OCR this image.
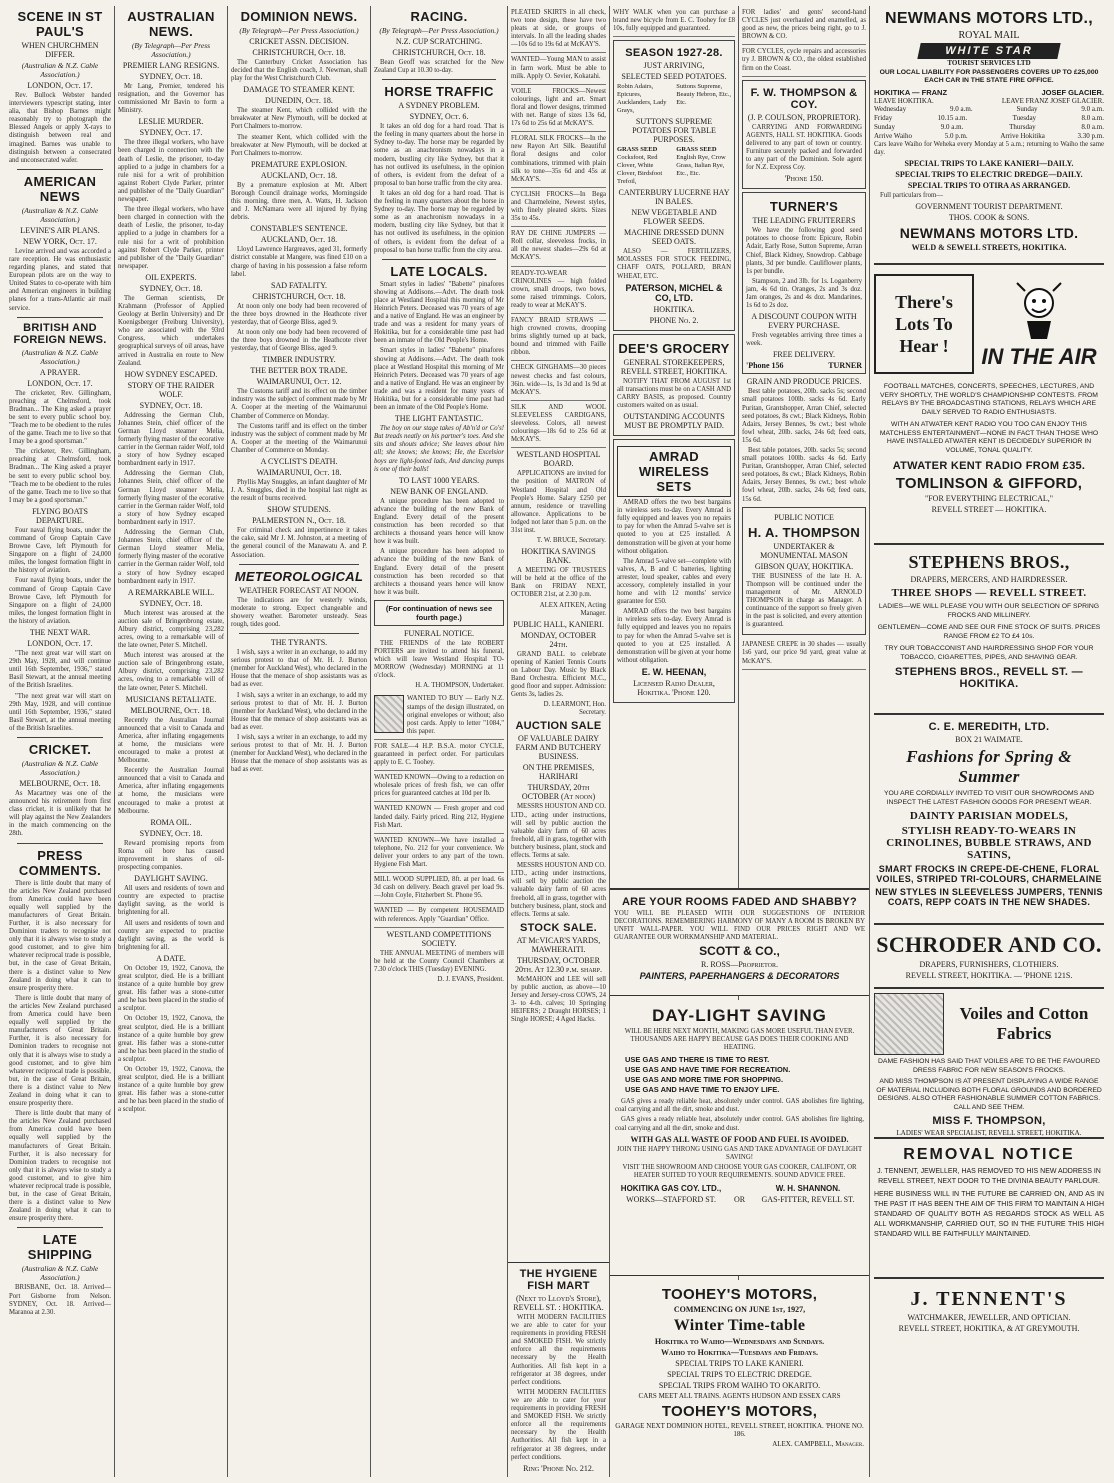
SCENE IN ST PAUL'S
WHEN CHURCHMEN DIFFER.
(Australian & N.Z. Cable Association.)
LONDON, Oct. 17.
Rev. Bullock Webster handed interviewers typescript stating, inter alia, that Bishop Barnes might reasonably try to photograph the Blessed Angels or apply X-rays to distinguish between real and imagined. Barnes was unable to distinguish between a consecrated and unconsecrated wafer.
AMERICAN NEWS
(Australian & N.Z. Cable Association.)
LEVINE'S AIR PLANS.
NEW YORK, Oct. 17.
Levine arrived and was accorded a rare reception. He was enthusiastic regarding planes, and stated that European pilots are on the way to United States to co-operate with him and American engineers in building planes for a trans-Atlantic air mail service.
BRITISH AND FOREIGN NEWS.
(Australian & N.Z. Cable Association.)
A PRAYER.
LONDON, Oct. 17.
The cricketer, Rev. Gillingham, preaching at Chelmsford, took Bradman... The King asked a prayer be sent to every public school boy. "Teach me to be obedient to the rules of the game. Teach me to live so that I may be a good sportsman."
The cricketer, Rev. Gillingham, preaching at Chelmsford, took Bradman... The King asked a prayer be sent to every public school boy. "Teach me to be obedient to the rules of the game. Teach me to live so that I may be a good sportsman."
FLYING BOATS DEPARTURE.
Four naval flying boats, under the command of Group Captain Cave Browne Cave, left Plymouth for Singapore on a flight of 24,000 miles, the longest formation flight in the history of aviation.
Four naval flying boats, under the command of Group Captain Cave Browne Cave, left Plymouth for Singapore on a flight of 24,000 miles, the longest formation flight in the history of aviation.
THE NEXT WAR.
LONDON, Oct. 17.
"The next great war will start on 29th May, 1928, and will continue until 16th September, 1936," stated Basil Stewart, at the annual meeting of the British Israelites.
"The next great war will start on 29th May, 1928, and will continue until 16th September, 1936," stated Basil Stewart, at the annual meeting of the British Israelites.
CRICKET.
(Australian & N.Z. Cable Association.)
MELBOURNE, Oct. 18.
As Macartney was one of the announced his retirement from first class cricket, it is unlikely that he will play against the New Zealanders in the match commencing on the 28th.
PRESS COMMENTS.
There is little doubt that many of the articles New Zealand purchased from America could have been equally well supplied by the manufacturers of Great Britain. Further, it is also necessary for Dominion traders to recognise not only that it is always wise to study a good customer, and to give him whatever reciprocal trade is possible, but, in the case of Great Britain, there is a distinct value to New Zealand in doing what it can to ensure prosperity there.
There is little doubt that many of the articles New Zealand purchased from America could have been equally well supplied by the manufacturers of Great Britain. Further, it is also necessary for Dominion traders to recognise not only that it is always wise to study a good customer, and to give him whatever reciprocal trade is possible, but, in the case of Great Britain, there is a distinct value to New Zealand in doing what it can to ensure prosperity there.
There is little doubt that many of the articles New Zealand purchased from America could have been equally well supplied by the manufacturers of Great Britain. Further, it is also necessary for Dominion traders to recognise not only that it is always wise to study a good customer, and to give him whatever reciprocal trade is possible, but, in the case of Great Britain, there is a distinct value to New Zealand in doing what it can to ensure prosperity there.
LATE SHIPPING
(Australian & N.Z. Cable Association.)
BRISBANE, Oct. 18. Arrived—Port Gisborne from Nelson. SYDNEY, Oct. 18. Arrived—Maranoa at 2.30.
AUSTRALIAN NEWS.
(By Telegraph—Per Press Association.)
PREMIER LANG RESIGNS.
SYDNEY, Oct. 18.
Mr Lang, Premier, tendered his resignation, and the Governor has commissioned Mr Bavin to form a Ministry.
LESLIE MURDER.
SYDNEY, Oct. 17.
The three illegal workers, who have been charged in connection with the death of Leslie, the prisoner, to-day applied to a judge in chambers for a rule nisi for a writ of prohibition against Robert Clyde Parker, printer and publisher of the "Daily Guardian" newspaper.
The three illegal workers, who have been charged in connection with the death of Leslie, the prisoner, to-day applied to a judge in chambers for a rule nisi for a writ of prohibition against Robert Clyde Parker, printer and publisher of the "Daily Guardian" newspaper.
OIL EXPERTS.
SYDNEY, Oct. 18.
The German scientists, Dr Krahmann (Professor of Applied Geology at Berlin University) and Dr Koenigsberger (Freiburg University), who are associated with the 93rd Congress, which undertakes geographical surveys of oil areas, have arrived in Australia en route to New Zealand.
HOW SYDNEY ESCAPED.
STORY OF THE RAIDER WOLF.
SYDNEY, Oct. 18.
Addressing the German Club, Johannes Stein, chief officer of the German Lloyd steamer Melia, formerly flying master of the ecorative carrier in the German raider Wolf, told a story of how Sydney escaped bombardment early in 1917.
Addressing the German Club, Johannes Stein, chief officer of the German Lloyd steamer Melia, formerly flying master of the ecorative carrier in the German raider Wolf, told a story of how Sydney escaped bombardment early in 1917.
Addressing the German Club, Johannes Stein, chief officer of the German Lloyd steamer Melia, formerly flying master of the ecorative carrier in the German raider Wolf, told a story of how Sydney escaped bombardment early in 1917.
A REMARKABLE WILL.
SYDNEY, Oct. 18.
Much interest was aroused at the auction sale of Bringenbrong estate, Albury district, comprising 23,282 acres, owing to a remarkable will of the late owner, Peter S. Mitchell.
Much interest was aroused at the auction sale of Bringenbrong estate, Albury district, comprising 23,282 acres, owing to a remarkable will of the late owner, Peter S. Mitchell.
MUSICIANS RETALIATE.
MELBOURNE, Oct. 18.
Recently the Australian Journal announced that a visit to Canada and America, after inflating engagements at home, the musicians were encouraged to make a protest at Melbourne.
Recently the Australian Journal announced that a visit to Canada and America, after inflating engagements at home, the musicians were encouraged to make a protest at Melbourne.
ROMA OIL.
SYDNEY, Oct. 18.
Reward promising reports from Roma oil bore has caused improvement in shares of oil-prospecting companies.
DAYLIGHT SAVING.
All users and residents of town and country are expected to practise daylight saving, as the world is brightening for all.
All users and residents of town and country are expected to practise daylight saving, as the world is brightening for all.
A DATE.
On October 19, 1922, Canova, the great sculptor, died. He is a brilliant instance of a quite humble boy grew great. His father was a stone-cutter and he has been placed in the studio of a sculptor.
On October 19, 1922, Canova, the great sculptor, died. He is a brilliant instance of a quite humble boy grew great. His father was a stone-cutter and he has been placed in the studio of a sculptor.
On October 19, 1922, Canova, the great sculptor, died. He is a brilliant instance of a quite humble boy grew great. His father was a stone-cutter and he has been placed in the studio of a sculptor.
DOMINION NEWS.
(By Telegraph—Per Press Association.)
CRICKET ASSN. DECISION.
CHRISTCHURCH, Oct. 18.
The Canterbury Cricket Association has decided that the English coach, J. Newman, shall play for the West Christchurch Club.
DAMAGE TO STEAMER KENT.
DUNEDIN, Oct. 18.
The steamer Kent, which collided with the breakwater at New Plymouth, will be docked at Port Chalmers to-morrow.
The steamer Kent, which collided with the breakwater at New Plymouth, will be docked at Port Chalmers to-morrow.
PREMATURE EXPLOSION.
AUCKLAND, Oct. 18.
By a premature explosion at Mt. Albert Borough Council drainage works, Morningside this morning, three men, A. Watts, H. Jackson and J. McNamara were all injured by flying debris.
CONSTABLE'S SENTENCE.
AUCKLAND, Oct. 18.
Lloyd Lawrence Hargreaves, aged 31, formerly district constable at Mangere, was fined £10 on a charge of having in his possession a false reform label.
SAD FATALITY.
CHRISTCHURCH, Oct. 18.
At noon only one body had been recovered of the three boys drowned in the Heathcote river yesterday, that of George Bliss, aged 9.
At noon only one body had been recovered of the three boys drowned in the Heathcote river yesterday, that of George Bliss, aged 9.
TIMBER INDUSTRY.
THE BETTER BOX TRADE.
WAIMARUNUI, Oct. 12.
The Customs tariff and its effect on the timber industry was the subject of comment made by Mr A. Cooper at the meeting of the Waimarunui Chamber of Commerce on Monday.
The Customs tariff and its effect on the timber industry was the subject of comment made by Mr A. Cooper at the meeting of the Waimarunui Chamber of Commerce on Monday.
A CYCLIST'S DEATH.
WAIMARUNUI, Oct. 18.
Phyllis May Snuggles, an infant daughter of Mr J. A. Snuggles, died in the hospital last night as the result of burns received.
SHOW STUDENS.
PALMERSTON N., Oct. 18.
For criminal check and impertinence it takes the cake, said Mr J. M. Johnston, at a meeting of the general council of the Manawatu A. and P. Association.
METEOROLOGICAL
WEATHER FORECAST AT NOON.
The indications are for westerly winds, moderate to strong. Expect changeable and showery weather. Barometer unsteady. Seas rough, tides good.
THE TYRANTS.
I wish, says a writer in an exchange, to add my serious protest to that of Mr. H. J. Burton (member for Auckland West), who declared in the House that the menace of shop assistants was as bad as ever.
I wish, says a writer in an exchange, to add my serious protest to that of Mr. H. J. Burton (member for Auckland West), who declared in the House that the menace of shop assistants was as bad as ever.
I wish, says a writer in an exchange, to add my serious protest to that of Mr. H. J. Burton (member for Auckland West), who declared in the House that the menace of shop assistants was as bad as ever.
RACING.
(By Telegraph—Per Press Association.)
N.Z. CUP SCRATCHING.
CHRISTCHURCH, Oct. 18.
Bean Geoff was scratched for the New Zealand Cup at 10.30 to-day.
HORSE TRAFFIC
A SYDNEY PROBLEM.
SYDNEY, Oct. 6.
It takes an old dog for a hard road. That is the feeling in many quarters about the horse in Sydney to-day. The horse may be regarded by some as an anachronism nowadays in a modern, bustling city like Sydney, but that it has not outlived its usefulness, in the opinion of others, is evident from the defeat of a proposal to ban horse traffic from the city area.
It takes an old dog for a hard road. That is the feeling in many quarters about the horse in Sydney to-day. The horse may be regarded by some as an anachronism nowadays in a modern, bustling city like Sydney, but that it has not outlived its usefulness, in the opinion of others, is evident from the defeat of a proposal to ban horse traffic from the city area.
LATE LOCALS.
Smart styles in ladies' "Babette" pinafores showing at Addisons.—Advt. The death took place at Westland Hospital this morning of Mr Heinrich Peters. Deceased was 70 years of age and a native of England. He was an engineer by trade and was a resident for many years of Hokitika, but for a considerable time past had been an inmate of the Old People's Home.
Smart styles in ladies' "Babette" pinafores showing at Addisons.—Advt. The death took place at Westland Hospital this morning of Mr Heinrich Peters. Deceased was 70 years of age and a native of England. He was an engineer by trade and was a resident for many years of Hokitika, but for a considerable time past had been an inmate of the Old People's Home.
THE LIGHT FANTASTIC.
The boy on our stage takes of Ab'n'd or Co's! But treads neatly on his partner's toes. And she sits and shouts advice; She leaves about him all; she knows; she knows; He, the Excelsior boys are light-footed lads, And dancing pumps is one of their balls!
TO LAST 1000 YEARS.
NEW BANK OF ENGLAND.
A unique procedure has been adopted to advance the building of the new Bank of England. Every detail of the present construction has been recorded so that architects a thousand years hence will know how it was built.
A unique procedure has been adopted to advance the building of the new Bank of England. Every detail of the present construction has been recorded so that architects a thousand years hence will know how it was built.
(For continuation of news see fourth page.)
FUNERAL NOTICE.
THE FRIENDS of the late ROBERT PORTERS are invited to attend his funeral, which will leave Westland Hospital TO-MORROW (Wednesday) MORNING at 11 o'clock.
H. A. THOMPSON, Undertaker.
WANTED TO BUY — Early N.Z. stamps of the design illustrated, on original envelopes or without; also post cards. Apply to letter "1084," this paper.
FOR SALE—4 H.P. B.S.A. motor CYCLE, guaranteed in perfect order. For particulars apply to E. C. Toohey.
WANTED KNOWN—Owing to a reduction on wholesale prices of fresh fish, we can offer prices for guaranteed catches at 10d per lb.
WANTED KNOWN — Fresh groper and cod landed daily. Fairly priced. Ring 212, Hygiene Fish Mart.
WANTED KNOWN—We have installed a telephone, No. 212 for your convenience. We deliver your orders to any part of the town. Hygiene Fish Mart.
MILL WOOD SUPPLIED, 8ft. at per load. 6s 3d cash on delivery. Beach gravel per load 9s.—John Coyle, Fitzherbert St. Phone 95.
WANTED — By competent HOUSEMAID with references. Apply "Guardian" Office.
WESTLAND COMPETITIONS SOCIETY.
THE ANNUAL MEETING of members will be held at the County Council Chambers at 7.30 o'clock THIS (Tuesday) EVENING.
D. J. EVANS, President.
PLEATED SKIRTS in all check, two tone design, these have two pleats at side, or groups of intervals. In all the leading shades—10s 6d to 19s 6d at McKAY'S.
WANTED—Young MAN to assist in farm work. Must be able to milk. Apply O. Sevier, Kokatahi.
VOILE FROCKS—Newest colourings, light and art. Smart floral and flower designs, trimmed with net. Range of sizes 13s 6d, 17s 6d to 25s 6d at McKAY'S.
FLORAL SILK FROCKS—In the new Rayon Art Silk. Beautiful floral designs and color combinations, trimmed with plain silk to tone—35s 6d and 45s at McKAY'S.
CYCLISH FROCKS—In Bega and Charmeleine, Newest styles, with finely pleated skirts. Sizes 35s to 45s.
RAY DE CHINE JUMPERS — Roll collar, sleeveless frocks, in all the newest shades—29s 6d at McKAY'S.
READY-TO-WEAR CRINOLINES — high folded crown, small droops, two bows, some raised trimmings. Colors, ready to wear at McKAY'S.
FANCY BRAID STRAWS — high crowned crowns, drooping brims slightly turned up at back, bound and trimmed with Faille ribbon.
CHECK GINGHAMS—30 pieces newest checks and fast colours, 36in. wide—1s, 1s 3d and 1s 9d at McKAY'S.
SILK AND WOOL SLEEVELESS CARDIGANS, sleeveless. Colors, all newest colourings—18s 6d to 25s 6d at McKAY'S.
WESTLAND HOSPITAL BOARD.
APPLICATIONS are invited for the position of MATRON of Westland Hospital and Old People's Home. Salary £250 per annum, residence or travelling allowance. Applications to be lodged not later than 5 p.m. on the 31st inst.
T. W. BRUCE, Secretary.
HOKITIKA SAVINGS BANK.
A MEETING OF TRUSTEES will be held at the office of the Bank on FRIDAY NEXT, OCTOBER 21st, at 2.30 p.m.
ALEX AITKEN, Acting Manager.
PUBLIC HALL, KANIERI.
MONDAY, OCTOBER 24th.
GRAND BALL to celebrate opening of Kanieri Tennis Courts on Labour Day. Music by Black Band Orchestra. Efficient M.C., good floor and supper. Admission: Gents 3s, ladies 2s.
D. LEARMONT, Hon. Secretary.
AUCTION SALE
OF VALUABLE DAIRY FARM AND BUTCHERY BUSINESS.
ON THE PREMISES, HARIHARI
THURSDAY, 20th OCTOBER (At noon)
MESSRS HOUSTON AND CO. LTD., acting under instructions, will sell by public auction the valuable dairy farm of 60 acres freehold, all in grass, together with butchery business, plant, stock and effects. Terms at sale.
MESSRS HOUSTON AND CO. LTD., acting under instructions, will sell by public auction the valuable dairy farm of 60 acres freehold, all in grass, together with butchery business, plant, stock and effects. Terms at sale.
STOCK SALE.
AT McVICAR'S YARDS, MAWHERAITI.
THURSDAY, OCTOBER 20th. At 12.30 p.m. sharp.
McMAHON and LEE will sell by public auction, as above—10 Jersey and Jersey-cross COWS, 24 3- to 4-th. calves; 10 Springing HEIFERS; 2 Draught HORSES; 1 Single HORSE; 4 Aged Hacks.
WHY WALK when you can purchase a brand new bicycle from E. C. Toohey for £8 10s, fully equipped and guaranteed.
SEASON 1927-28.
JUST ARRIVING,
SELECTED SEED POTATOES.
Robin Adairs, Epicures, Aucklanders, Lady Grays,
Suttons Supreme, Beauty Hebron, Etc., Etc.
SUTTON'S SUPREME POTATOES FOR TABLE PURPOSES.
GRASS SEED
Cocksfoot, Red Clover, White Clover, Birdsfoot Trefoil,
GRASS SEED
English Rye, Crow Grass, Italian Rye, Etc., Etc.
CANTERBURY LUCERNE HAY IN BALES.
NEW VEGETABLE AND FLOWER SEEDS.
MACHINE DRESSED DUNN SEED OATS.
ALSO — FERTILIZERS, MOLASSES FOR STOCK FEEDING, CHAFF OATS, POLLARD, BRAN WHEAT, ETC.
PATERSON, MICHEL & CO, LTD.
HOKITIKA.
PHONE No. 2.
DEE'S GROCERY
GENERAL STOREKEEPERS, REVELL STREET, HOKITIKA.
NOTIFY THAT FROM AUGUST 1st all transactions must be on a CASH AND CARRY BASIS, as proposed. Country customers waited on as usual.
OUTSTANDING ACCOUNTS MUST BE PROMPTLY PAID.
AMRAD WIRELESS SETS
AMRAD offers the two best bargains in wireless sets to-day. Every Amrad is fully equipped and leaves you no repairs to pay for when the Amrad 5-valve set is quoted to you at £25 installed. A demonstration will be given at your home without obligation.
The Amrad 5-valve set—complete with valves, A, B and C batteries, lighting arrester, loud speaker, cables and every accessory, completely installed in your home and with 12 months' service guarantee for £50.
AMRAD offers the two best bargains in wireless sets to-day. Every Amrad is fully equipped and leaves you no repairs to pay for when the Amrad 5-valve set is quoted to you at £25 installed. A demonstration will be given at your home without obligation.
E. W. HEENAN,
Licensed Radio Dealer, Hokitika. 'Phone 120.
FOR ladies' and gents' second-hand CYCLES just overhauled and enamelled, as good as new, the prices being right, go to J. BROWN & CO.
FOR CYCLES, cycle repairs and accessories try J. BROWN & CO., the oldest established firm on the Coast.
F. W. THOMPSON & COY.
(J. P. COULSON, PROPRIETOR).
CARRYING AND FORWARDING AGENTS, HALL ST. HOKITIKA. Goods delivered to any part of town or country. Furniture securely packed and forwarded to any part of the Dominion. Sole agent for N.Z. Express Coy.
'Phone 150.
TURNER'S
THE LEADING FRUITERERS
We have the following good seed potatoes to choose from: Epicure, Robin Adair, Early Rose, Sutton Supreme, Arran Chief, Black Kidney, Snowdrop. Cabbage plants, 3d per bundle. Cauliflower plants, 1s per bundle.
Stampson, 2 and 3lb. for 1s. Loganberry jam, 4s 6d tin. Oranges, 2s and 3s doz. Jam oranges, 2s and 4s doz. Mandarines, 1s 6d to 2s doz.
A DISCOUNT COUPON WITH EVERY PURCHASE.
Fresh vegetables arriving three times a week.
FREE DELIVERY.
'Phone 156	TURNER
GRAIN AND PRODUCE PRICES.
Best table potatoes, 20lb. sacks 5s; second small potatoes 100lb. sacks 4s 6d. Early Puritan, Grantshopper, Arran Chief, selected seed potatoes, 8s cwt.; Black Kidneys, Robin Adairs, Jersey Bennes, 9s cwt.; best whole fowl wheat, 20lb. sacks, 24s 6d; feed oats, 15s 6d.
Best table potatoes, 20lb. sacks 5s; second small potatoes 100lb. sacks 4s 6d. Early Puritan, Grantshopper, Arran Chief, selected seed potatoes, 8s cwt.; Black Kidneys, Robin Adairs, Jersey Bennes, 9s cwt.; best whole fowl wheat, 20lb. sacks, 24s 6d; feed oats, 15s 6d.
PUBLIC NOTICE
H. A. THOMPSON
UNDERTAKER & MONUMENTAL MASON
GIBSON QUAY, HOKITIKA.
THE BUSINESS of the late H. A. Thompson will be continued under the management of Mr. ARNOLD THOMPSON in charge as Manager. A continuance of the support so freely given in the past is solicited, and every attention is guaranteed.
JAPANESE CREPE in 30 shades — usually 1s6 yard, our price 9d yard, great value at McKAY'S.
ARE YOUR ROOMS FADED AND SHABBY?
YOU WILL BE PLEASED WITH OUR SUGGESTIONS OF INTERIOR DECORATIONS. REMEMBERING HARMONY OF MANY A ROOM IS BROKEN BY UNFIT WALL-PAPER. YOU WILL FIND OUR PRICES RIGHT AND WE GUARANTEE OUR WORKMANSHIP AND MATERIAL.
SCOTT & CO.,
R. ROSS—Proprietor.
PAINTERS, PAPERHANGERS & DECORATORS
DAY-LIGHT SAVING
WILL BE HERE NEXT MONTH, MAKING GAS MORE USEFUL THAN EVER. THOUSANDS ARE HAPPY BECAUSE GAS DOES THEIR COOKING AND HEATING.
USE GAS AND THERE IS TIME TO REST.
USE GAS AND HAVE TIME FOR RECREATION.
USE GAS AND MORE TIME FOR SHOPPING.
USE GAS AND HAVE TIME TO ENJOY LIFE.
GAS gives a ready reliable heat, absolutely under control. GAS abolishes fire lighting, coal carrying and all the dirt, smoke and dust.
GAS gives a ready reliable heat, absolutely under control. GAS abolishes fire lighting, coal carrying and all the dirt, smoke and dust.
WITH GAS ALL WASTE OF FOOD AND FUEL IS AVOIDED.
JOIN THE HAPPY THRONG USING GAS AND TAKE ADVANTAGE OF DAYLIGHT SAVING!
VISIT THE SHOWROOM AND CHOOSE YOUR GAS COOKER, CALIFONT, OR HEATER SUITED TO YOUR REQUIREMENTS. SOUND ADVICE FREE.
HOKITIKA GAS COY. LTD.,
WORKS—STAFFORD ST.	OR
W. H. SHANNON.
GAS-FITTER, REVELL ST.
THE HYGIENE FISH MART
(Next to Lloyd's Store), REVELL ST. : HOKITIKA.
WITH MODERN FACILITIES we are able to cater for your requirements in providing FRESH and SMOKED FISH. We strictly enforce all the requirements necessary by the Health Authorities. All fish kept in a refrigerator at 38 degrees, under perfect conditions.
WITH MODERN FACILITIES we are able to cater for your requirements in providing FRESH and SMOKED FISH. We strictly enforce all the requirements necessary by the Health Authorities. All fish kept in a refrigerator at 38 degrees, under perfect conditions.
Ring 'Phone No. 212.
TOOHEY'S MOTORS,
COMMENCING ON JUNE 1st, 1927,
Winter Time-table
Hokitika to Waiho—Wednesdays and Sundays.
Waiho to Hokitika—Tuesdays and Fridays.
SPECIAL TRIPS TO LAKE KANIERI.
SPECIAL TRIPS TO ELECTRIC DREDGE.
SPECIAL TRIPS FROM WAIHO TO OKARITO.
CARS MEET ALL TRAINS. AGENTS HUDSON AND ESSEX CARS
TOOHEY'S MOTORS,
GARAGE NEXT DOMINION HOTEL, REVELL STREET, HOKITIKA. 'PHONE NO. 186.
ALEX. CAMPBELL, Manager.
NEWMANS MOTORS LTD.,
ROYAL MAIL
WHITE STAR
TOURIST SERVICES LTD
OUR LOCAL LIABILITY FOR PASSENGERS COVERS UP TO £25,000 EACH CAR IN THE STATE FIRE OFFICE.
HOKITIKA — FRANZ	JOSEF GLACIER.
LEAVE HOKITIKA.	LEAVE FRANZ JOSEF GLACIER.
Wednesday	9.0 a.m.	Sunday	9.0 a.m.
Friday	10.15 a.m.	Tuesday	8.0 a.m.
Sunday	9.0 a.m.	Thursday	8.0 a.m.
Arrive Waiho	5.0 p.m.	Arrive Hokitika	3.30 p.m.
Cars leave Waiho for Weheka every Monday at 5 a.m.; returning to Waiho the same day.
SPECIAL TRIPS TO LAKE KANIERI—DAILY.
SPECIAL TRIPS TO ELECTRIC DREDGE—DAILY.
SPECIAL TRIPS TO OTIRA AS ARRANGED.
Full particulars from—
GOVERNMENT TOURIST DEPARTMENT.
THOS. COOK & SONS.
NEWMANS MOTORS LTD.
WELD & SEWELL STREETS, HOKITIKA.
There's Lots To Hear !	IN THE AIR
FOOTBALL MATCHES, CONCERTS, SPEECHES, LECTURES, AND VERY SHORTLY, THE WORLD'S CHAMPIONSHIP CONTESTS. FROM RELAYS BY THE BROADCASTING STATIONS, RELAYS WHICH ARE DAILY SERVED TO RADIO ENTHUSIASTS.
WITH AN ATWATER KENT RADIO YOU TOO CAN ENJOY THIS MATCHLESS ENTERTAINMENT—NONE IN FACT THAN THOSE WHO HAVE INSTALLED ATWATER KENT IS DECIDEDLY SUPERIOR IN VOLUME, TONAL QUALITY.
ATWATER KENT RADIO FROM £35.
TOMLINSON & GIFFORD,
"FOR EVERYTHING ELECTRICAL,"
REVELL STREET — HOKITIKA.
STEPHENS BROS.,
DRAPERS, MERCERS, AND HAIRDRESSER.
THREE SHOPS — REVELL STREET.
LADIES—WE WILL PLEASE YOU WITH OUR SELECTION OF SPRING FROCKS AND MILLINERY.
GENTLEMEN—COME AND SEE OUR FINE STOCK OF SUITS. PRICES RANGE FROM £2 TO £4 10s.
TRY OUR TOBACCONIST AND HAIRDRESSING SHOP FOR YOUR TOBACCO, CIGARETTES, PIPES, AND SHAVING GEAR.
STEPHENS BROS., REVELL ST. — HOKITIKA.
C. E. MEREDITH, LTD.
BOX 21 WAIMATE.
Fashions for Spring & Summer
YOU ARE CORDIALLY INVITED TO VISIT OUR SHOWROOMS AND INSPECT THE LATEST FASHION GOODS FOR PRESENT WEAR.
DAINTY PARISIAN MODELS,
STYLISH READY-TO-WEARS IN CRINOLINES, BUBBLE STRAWS, AND SATINS,
SMART FROCKS IN CREPE-DE-CHENE, FLORAL VOILES, STRIPED TRI-COLOURS, CHARMELAINE
NEW STYLES IN SLEEVELESS JUMPERS, TENNIS COATS, REPP COATS IN THE NEW SHADES.
SCHRODER AND CO.
DRAPERS, FURNISHERS, CLOTHIERS.
REVELL STREET, HOKITIKA. — 'PHONE 121S.
Voiles and Cotton Fabrics
DAME FASHION HAS SAID THAT VOILES ARE TO BE THE FAVOURED DRESS FABRIC FOR NEW SEASON'S FROCKS.
AND MISS THOMPSON IS AT PRESENT DISPLAYING A WIDE RANGE OF MATERIAL INCLUDING BOTH FLORAL GROUNDS AND BORDERED DESIGNS. ALSO OTHER FASHIONABLE SUMMER COTTON FABRICS. CALL AND SEE THEM.
MISS F. THOMPSON,
LADIES' WEAR SPECIALIST, REVELL STREET, HOKITIKA.
REMOVAL NOTICE
J. TENNENT, JEWELLER, HAS REMOVED TO HIS NEW ADDRESS IN REVELL STREET, NEXT DOOR TO THE DIVINIA BEAUTY PARLOUR.
HERE BUSINESS WILL IN THE FUTURE BE CARRIED ON, AND AS IN THE PAST IT HAS BEEN THE AIM OF THIS FIRM TO MAINTAIN A HIGH STANDARD OF QUALITY BOTH AS REGARDS STOCK AS WELL AS ALL WORKMANSHIP, CARRIED OUT, SO IN THE FUTURE THIS HIGH STANDARD WILL BE FAITHFULLY MAINTAINED.
J. TENNENT'S
WATCHMAKER, JEWELLER, AND OPTICIAN.
REVELL STREET, HOKITIKA, & AT GREYMOUTH.
